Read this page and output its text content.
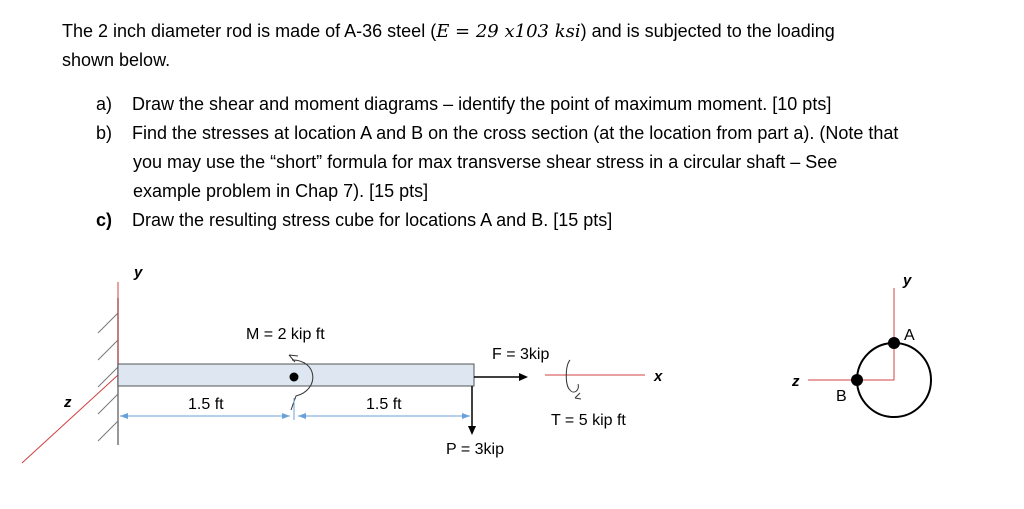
The 2 inch diameter rod is made of A-36 steel (E = 29 x103 ksi) and is subjected to the loading
shown below.
a) Draw the shear and moment diagrams – identify the point of maximum moment. [10 pts]
b) Find the stresses at location A and B on the cross section (at the location from part a). (Note that
you may use the “short” formula for max transverse shear stress in a circular shaft – See
example problem in Chap 7). [15 pts]
c) Draw the resulting stress cube for locations A and B. [15 pts]
y
z
x
M = 2 kip ft
F = 3kip
T = 5 kip ft
P = 3kip
1.5 ft	1.5 ft
y
z
A
B
